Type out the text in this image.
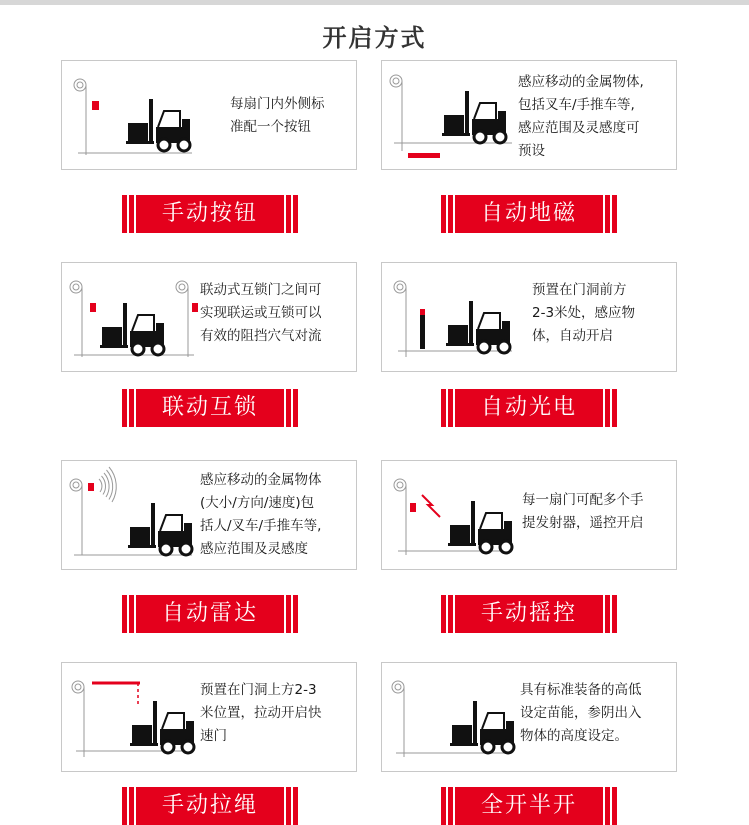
开启方式
每扇门内外侧标
准配一个按钮
手动按钮
感应移动的金属物体,
包括叉车/手推车等,
感应范围及灵感度可
预设
自动地磁
联动式互锁门之间可
实现联运或互锁可以
有效的阻挡穴气对流
联动互锁
预置在门洞前方
2-3米处，感应物
体，自动开启
自动光电
感应移动的金属物体
(大小/方向/速度)包
括人/叉车/手推车等,
感应范围及灵感度
自动雷达
每一扇门可配多个手
提发射器，遥控开启
手动摇控
预置在门洞上方2-3
米位置，拉动开启快
速门
手动拉绳
具有标准装备的高低
设定苗能，参阴出入
物体的高度设定。
全开半开
